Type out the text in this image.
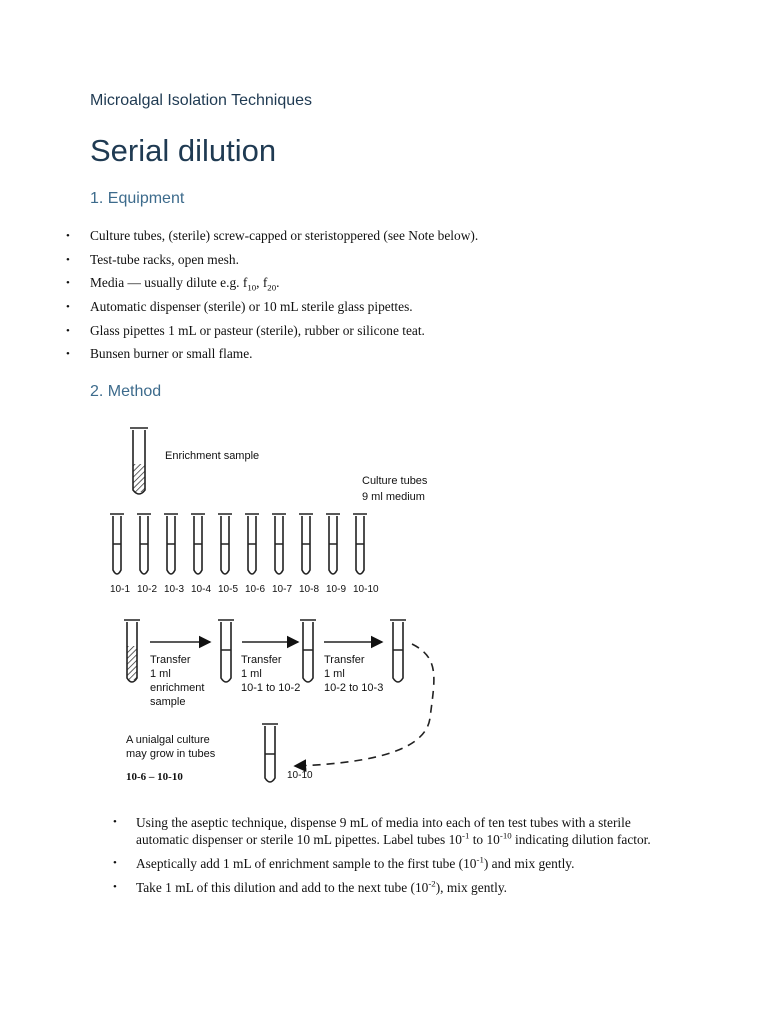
Microalgal Isolation Techniques
Serial dilution
1. Equipment
• Culture tubes, (sterile) screw-capped or steristoppered (see Note below).
• Test-tube racks, open mesh.
• Media — usually dilute e.g. $f_{10}$, $f_{20}$.
• Automatic dispenser (sterile) or 10 mL sterile glass pipettes.
• Glass pipettes 1 mL or pasteur (sterile), rubber or silicone teat.
• Bunsen burner or small flame.
2. Method
Enrichment sample
Culture tubes
9 ml medium
10-1 10-2 10-3 10-4 10-5 10-6 10-7 10-8 10-9 10-10
Transfer
1 ml
enrichment
sample
Transfer
1 ml
10-1 to 10-2
Transfer
1 ml
10-2 to 10-3
10-10
A unialgal culture
may grow in tubes
10-6 – 10-10
• Using the aseptic technique, dispense 9 mL of media into each of ten test tubes with a sterile automatic dispenser or sterile 10 mL pipettes. Label tubes $10^{-1}$ to $10^{-10}$ indicating dilution factor.
• Aseptically add 1 mL of enrichment sample to the first tube $(10^{-1})$ and mix gently.
• Take 1 mL of this dilution and add to the next tube $(10^{-2})$, mix gently.
